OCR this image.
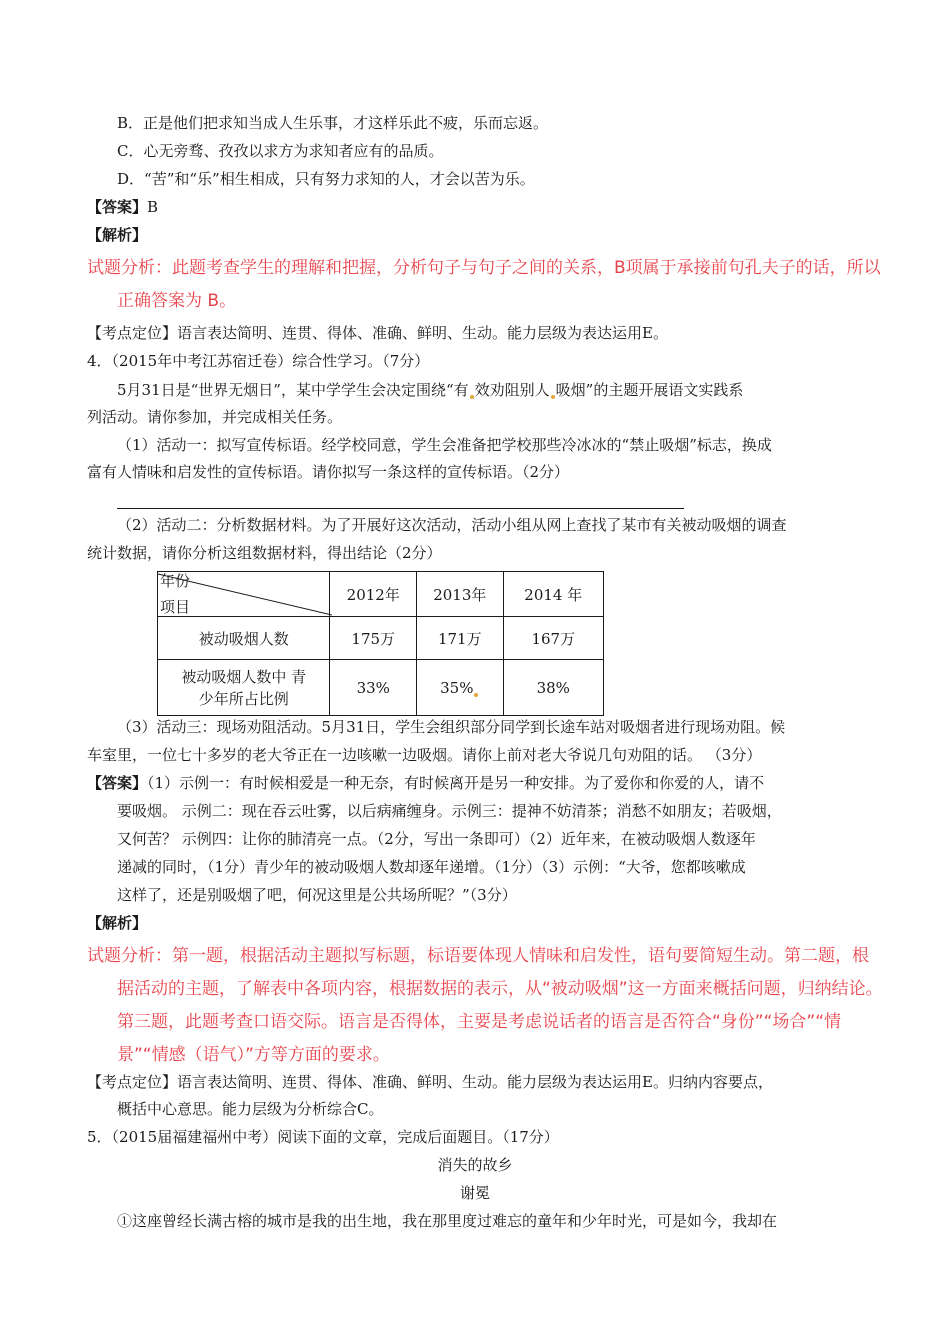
B．正是他们把求知当成人生乐事，才这样乐此不疲，乐而忘返。
C．心无旁骛、孜孜以求方为求知者应有的品质。
D．“苦”和“乐”相生相成，只有努力求知的人，才会以苦为乐。
【答案】B
【解析】
试题分析：此题考查学生的理解和把握，分析句子与句子之间的关系，B项属于承接前句孔夫子的话，所以
正确答案为 B。
【考点定位】语言表达简明、连贯、得体、准确、鲜明、生动。能力层级为表达运用E。
4．（2015年中考江苏宿迁卷）综合性学习。（7分）
5月31日是“世界无烟日”，某中学学生会决定围绕“有 效劝阻别人 吸烟”的主题开展语文实践系
列活动。请你参加，并完成相关任务。
（1）活动一：拟写宣传标语。经学校同意，学生会准备把学校那些冷冰冰的“禁止吸烟”标志，换成
富有人情味和启发性的宣传标语。请你拟写一条这样的宣传标语。（2分）
（2）活动二：分析数据材料。为了开展好这次活动，活动小组从网上查找了某市有关被动吸烟的调查
统计数据，请你分析这组数据材料，得出结论（2分）
年份
项目	2012年	2013年	2014 年
被动吸烟人数	175万	171万	167万

被动吸烟人数中 青
少年所占比例	33%	35%	38%
（3）活动三：现场劝阻活动。5月31日，学生会组织部分同学到长途车站对吸烟者进行现场劝阻。候
车室里，一位七十多岁的老大爷正在一边咳嗽一边吸烟。请你上前对老大爷说几句劝阻的话。 （3分）
【答案】（1）示例一：有时候相爱是一种无奈，有时候离开是另一种安排。为了爱你和你爱的人，请不
要吸烟。 示例二：现在吞云吐雾，以后病痛缠身。示例三：提神不妨清茶；消愁不如朋友；若吸烟，
又何苦？ 示例四：让你的肺清亮一点。（2分，写出一条即可）（2）近年来，在被动吸烟人数逐年
递减的同时，（1分）青少年的被动吸烟人数却逐年递增。（1分）（3）示例：“大爷，您都咳嗽成
这样了，还是别吸烟了吧，何况这里是公共场所呢？”（3分）
【解析】
试题分析：第一题，根据活动主题拟写标题，标语要体现人情味和启发性，语句要简短生动。第二题，根
据活动的主题，了解表中各项内容，根据数据的表示，从“被动吸烟”这一方面来概括问题，归纳结论。
第三题，此题考查口语交际。语言是否得体，主要是考虑说话者的语言是否符合“身份”“场合”“情
景”“情感（语气）”方等方面的要求。
【考点定位】语言表达简明、连贯、得体、准确、鲜明、生动。能力层级为表达运用E。归纳内容要点，
概括中心意思。能力层级为分析综合C。
5．（2015届福建福州中考）阅读下面的文章，完成后面题目。（17分）
消失的故乡
谢冕
①这座曾经长满古榕的城市是我的出生地，我在那里度过难忘的童年和少年时光，可是如今，我却在
